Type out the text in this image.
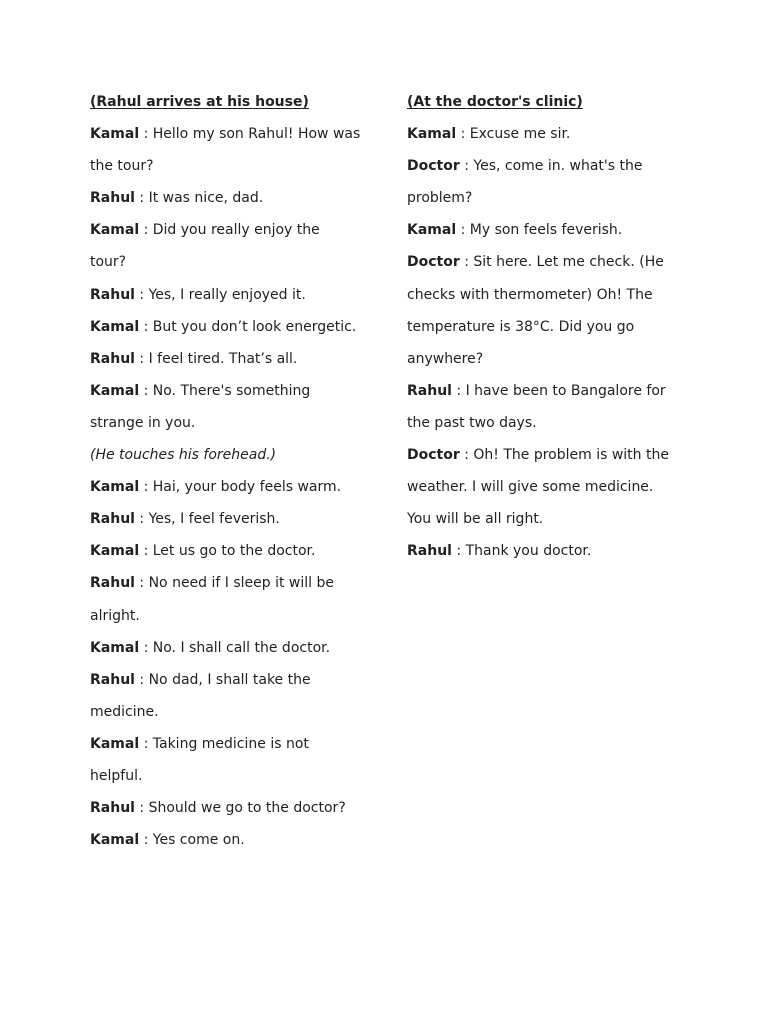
(Rahul arrives at his house)
Kamal : Hello my son Rahul! How was
the tour?
Rahul : It was nice, dad.
Kamal : Did you really enjoy the
tour?
Rahul : Yes, I really enjoyed it.
Kamal : But you don’t look energetic.
Rahul : I feel tired. That’s all.
Kamal : No. There's something
strange in you.
(He touches his forehead.)
Kamal : Hai, your body feels warm.
Rahul : Yes, I feel feverish.
Kamal : Let us go to the doctor.
Rahul : No need if I sleep it will be
alright.
Kamal : No. I shall call the doctor.
Rahul : No dad, I shall take the
medicine.
Kamal : Taking medicine is not
helpful.
Rahul : Should we go to the doctor?
Kamal : Yes come on.
(At the doctor's clinic)
Kamal : Excuse me sir.
Doctor : Yes, come in. what's the
problem?
Kamal : My son feels feverish.
Doctor : Sit here. Let me check. (He
checks with thermometer) Oh! The
temperature is 38°C. Did you go
anywhere?
Rahul : I have been to Bangalore for
the past two days.
Doctor : Oh! The problem is with the
weather. I will give some medicine.
You will be all right.
Rahul : Thank you doctor.
